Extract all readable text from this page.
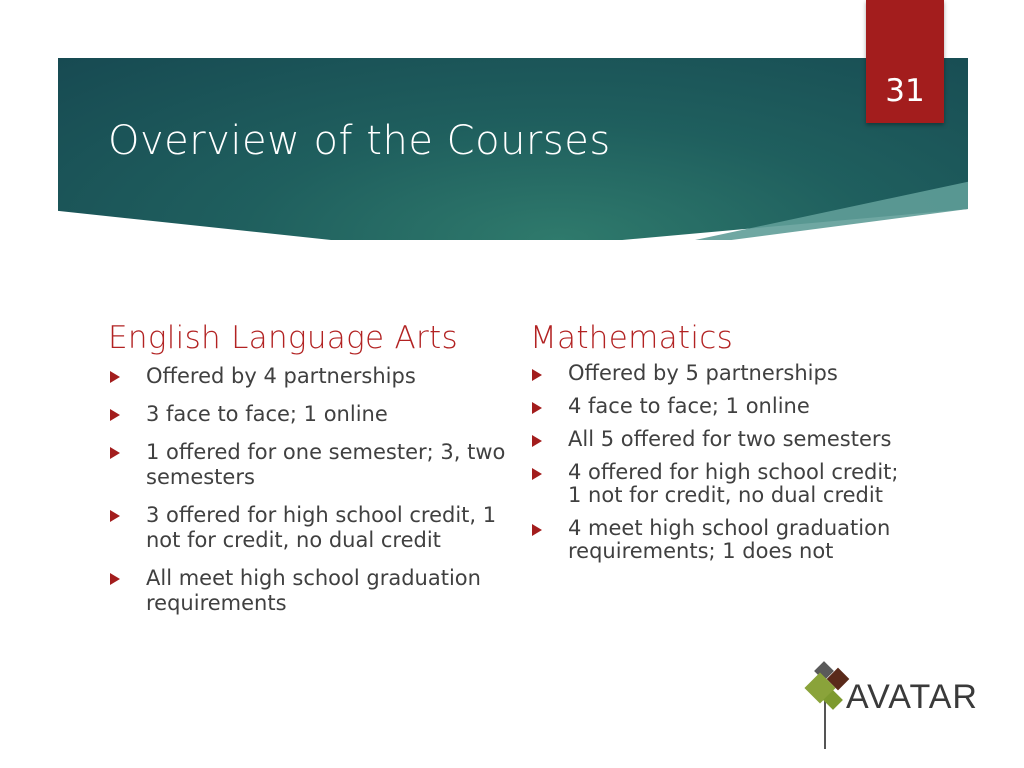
Overview of the Courses
31
English Language Arts
Offered by 4 partnerships
3 face to face; 1 online
1 offered for one semester; 3, two semesters
3 offered for high school credit, 1 not for credit, no dual credit
All meet high school graduation requirements
Mathematics
Offered by 5 partnerships
4 face to face; 1 online
All 5 offered for two semesters
4 offered for high school credit; 1 not for credit, no dual credit
4 meet high school graduation requirements; 1 does not
AVATAR
